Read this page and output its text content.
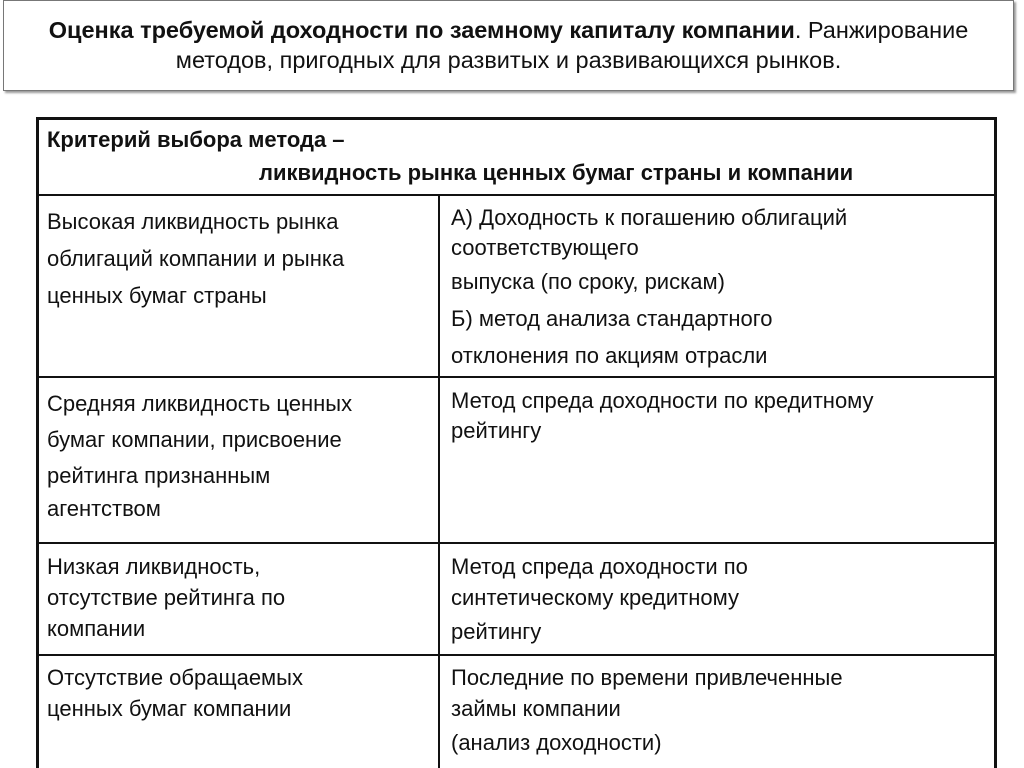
Оценка требуемой доходности по заемному капиталу компании. Ранжирование
методов, пригодных для развитых и развивающихся рынков.
Критерий выбора метода –
ликвидность рынка ценных бумаг страны и компании
Высокая ликвидность рынка
облигаций компании и рынка
ценных бумаг страны
А) Доходность к погашению облигаций
соответствующего
выпуска (по сроку, рискам)
Б) метод анализа стандартного
отклонения по акциям отрасли
Средняя ликвидность ценных
бумаг компании, присвоение
рейтинга признанным
агентством
Метод спреда доходности по кредитному
рейтингу
Низкая ликвидность,
отсутствие рейтинга по
компании
Метод спреда доходности по
синтетическому кредитному
рейтингу
Отсутствие обращаемых
ценных бумаг компании
Последние по времени привлеченные
займы компании
(анализ доходности)
